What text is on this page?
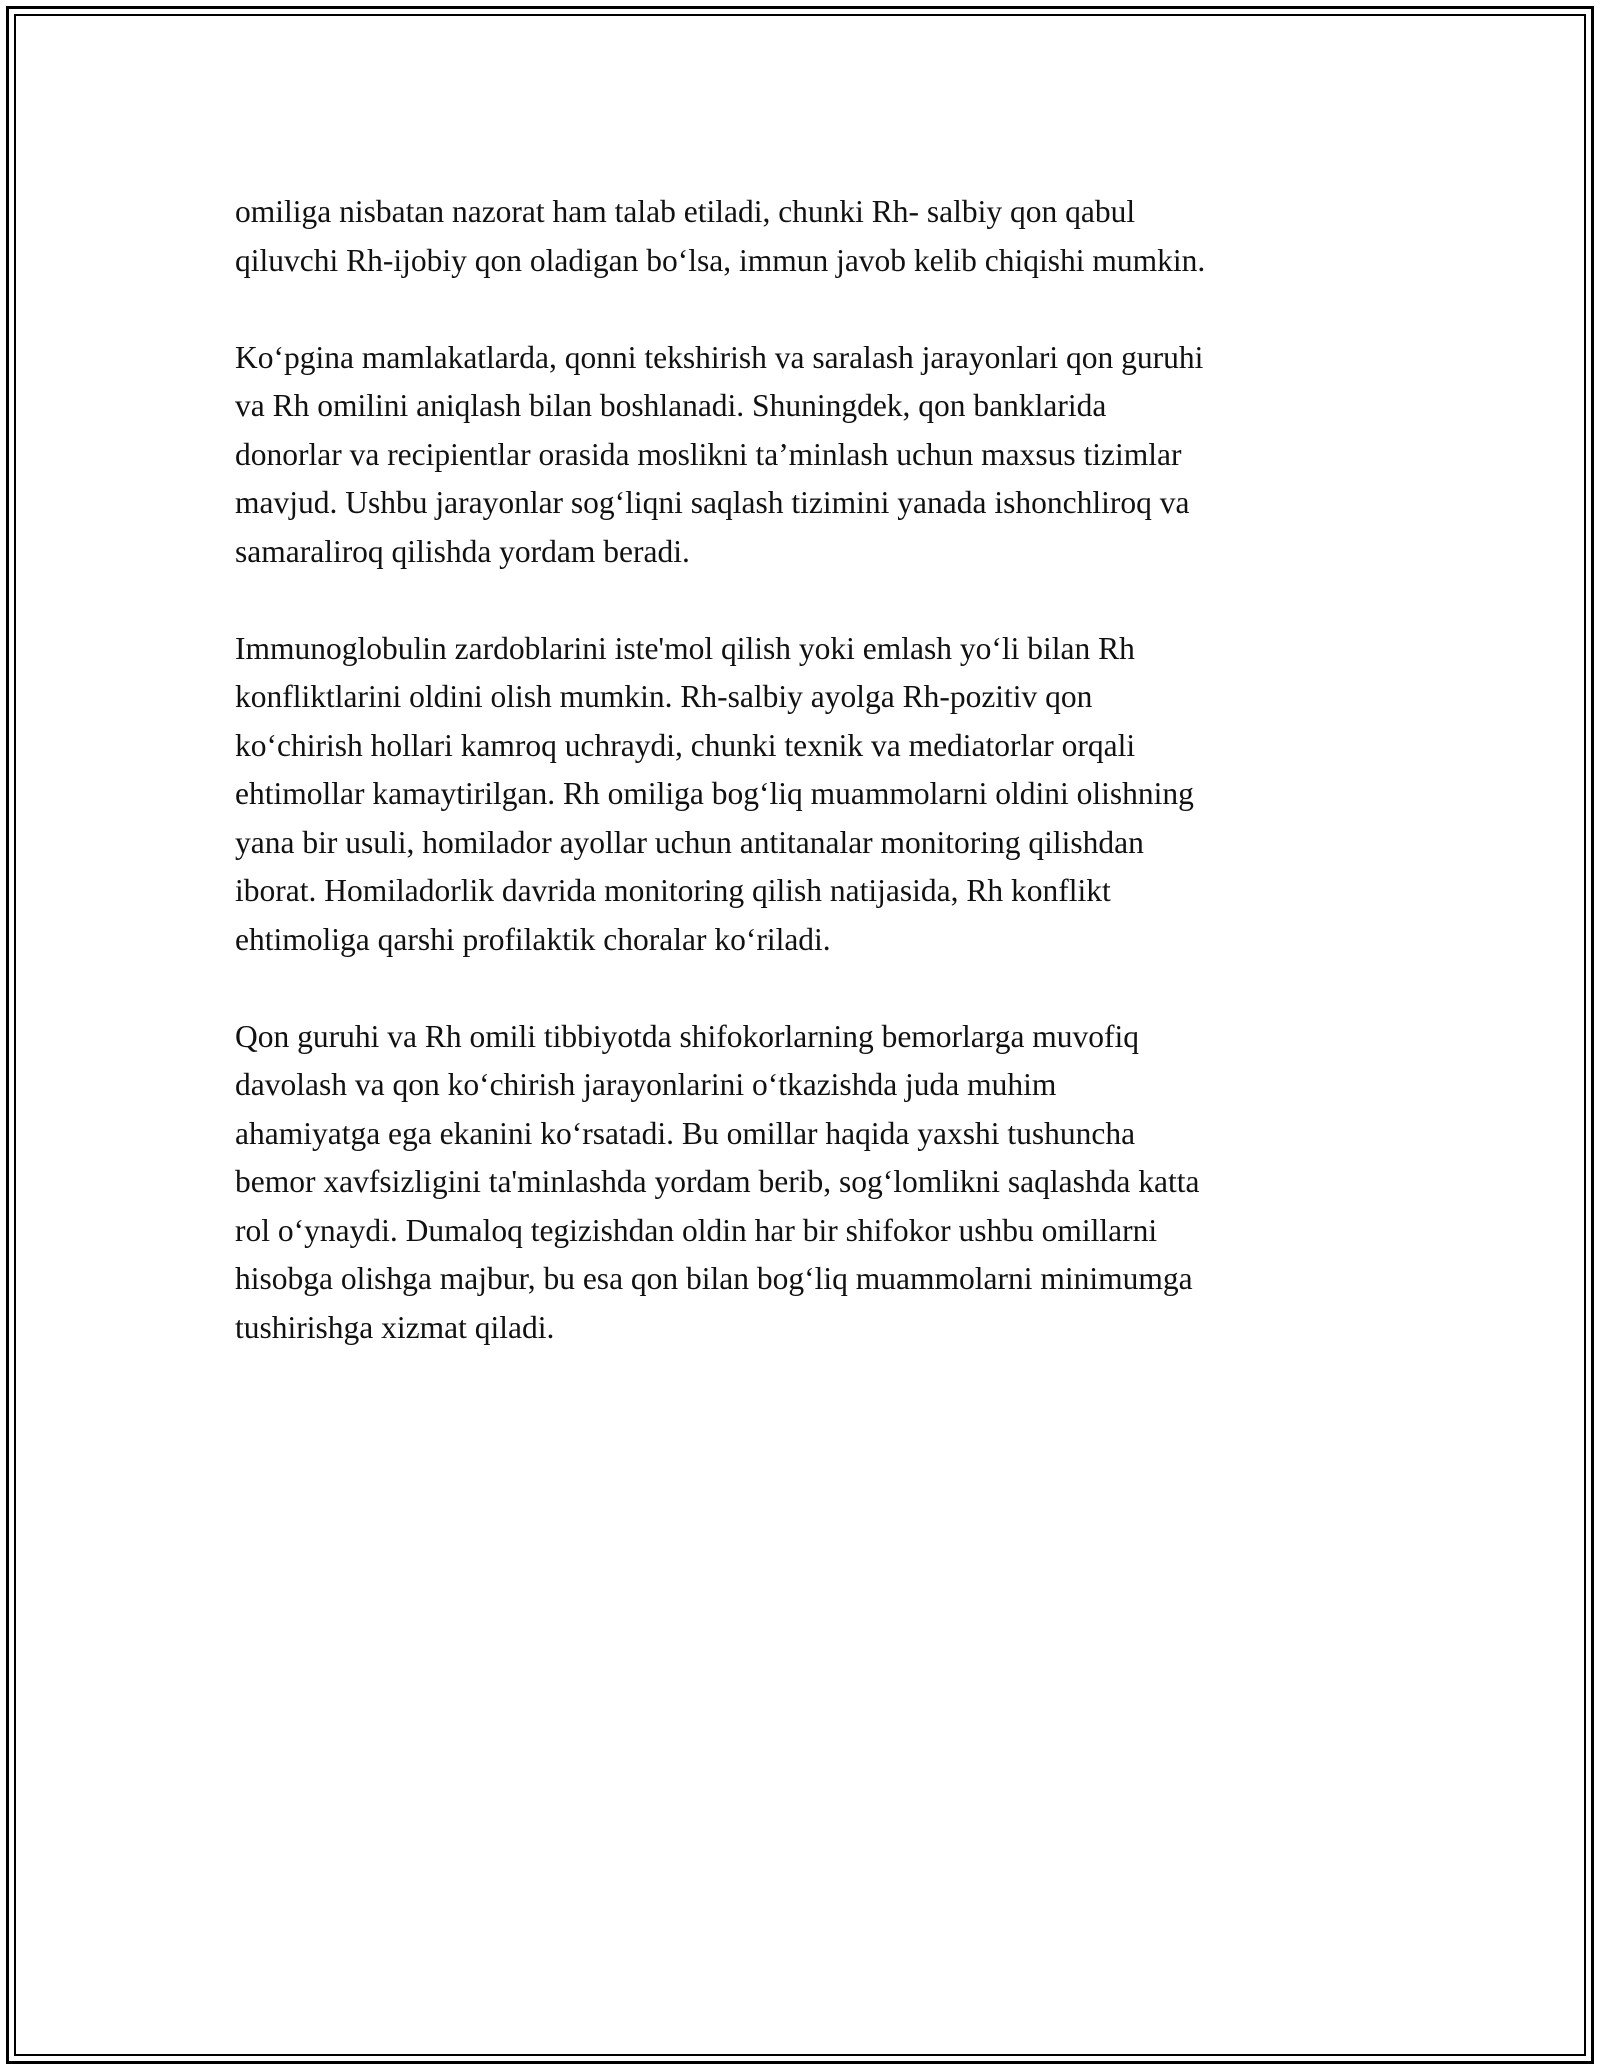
omiliga nisbatan nazorat ham talab etiladi, chunki Rh- salbiy qon qabul
qiluvchi Rh-ijobiy qon oladigan bo‘lsa, immun javob kelib chiqishi mumkin.

Ko‘pgina mamlakatlarda, qonni tekshirish va saralash jarayonlari qon guruhi
va Rh omilini aniqlash bilan boshlanadi. Shuningdek, qon banklarida
donorlar va recipientlar orasida moslikni ta’minlash uchun maxsus tizimlar
mavjud. Ushbu jarayonlar sog‘liqni saqlash tizimini yanada ishonchliroq va
samaraliroq qilishda yordam beradi.

Immunoglobulin zardoblarini iste'mol qilish yoki emlash yo‘li bilan Rh
konfliktlarini oldini olish mumkin. Rh-salbiy ayolga Rh-pozitiv qon
ko‘chirish hollari kamroq uchraydi, chunki texnik va mediatorlar orqali
ehtimollar kamaytirilgan. Rh omiliga bog‘liq muammolarni oldini olishning
yana bir usuli, homilador ayollar uchun antitanalar monitoring qilishdan
iborat. Homiladorlik davrida monitoring qilish natijasida, Rh konflikt
ehtimoliga qarshi profilaktik choralar ko‘riladi.

Qon guruhi va Rh omili tibbiyotda shifokorlarning bemorlarga muvofiq
davolash va qon ko‘chirish jarayonlarini o‘tkazishda juda muhim
ahamiyatga ega ekanini ko‘rsatadi. Bu omillar haqida yaxshi tushuncha
bemor xavfsizligini ta'minlashda yordam berib, sog‘lomlikni saqlashda katta
rol o‘ynaydi. Dumaloq tegizishdan oldin har bir shifokor ushbu omillarni
hisobga olishga majbur, bu esa qon bilan bog‘liq muammolarni minimumga
tushirishga xizmat qiladi.
